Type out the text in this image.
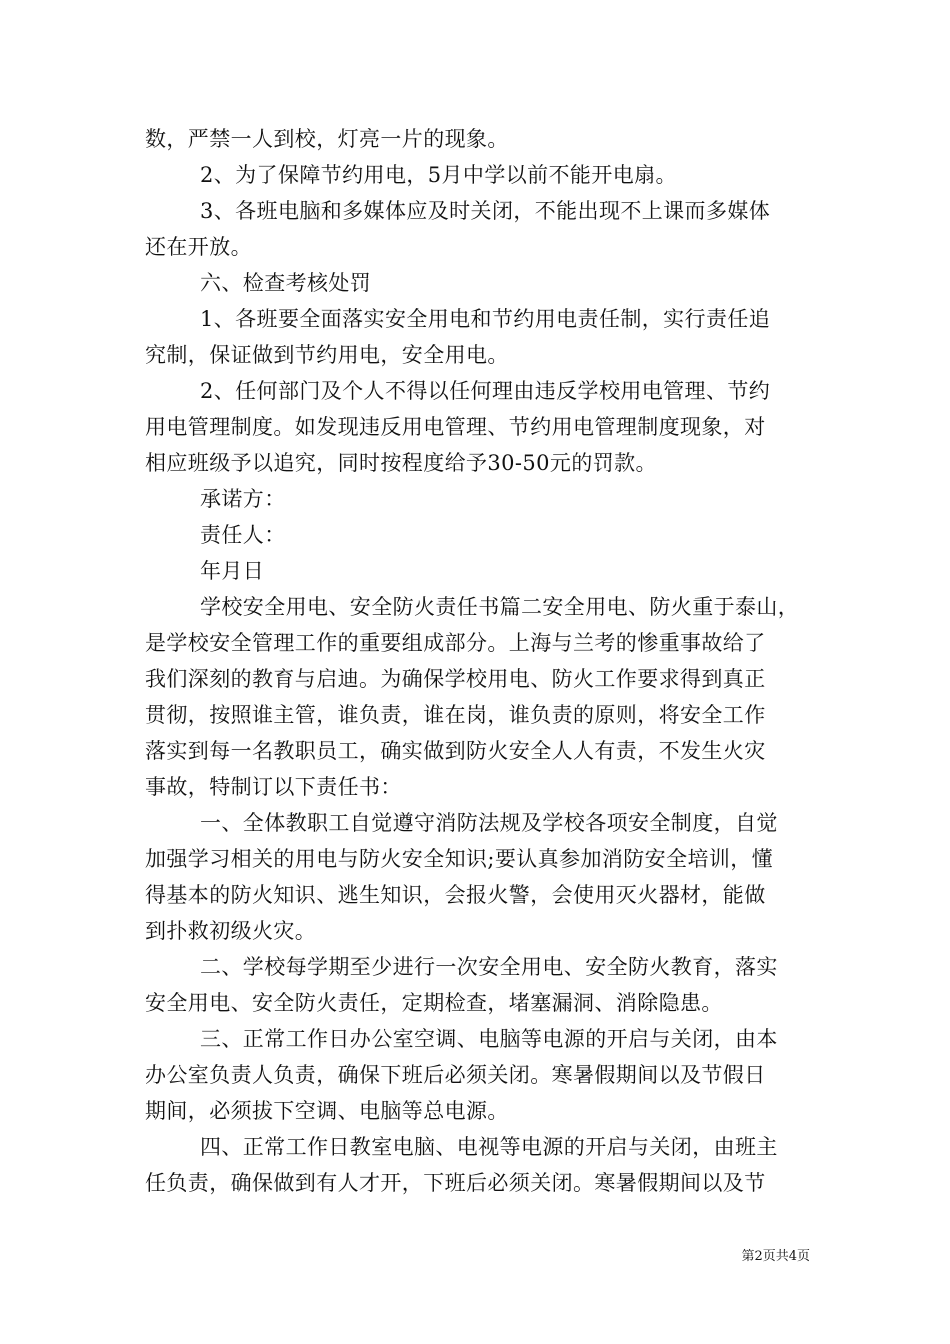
数，严禁一人到校，灯亮一片的现象。
2、为了保障节约用电，5月中学以前不能开电扇。
3、各班电脑和多媒体应及时关闭，不能出现不上课而多媒体
还在开放。
六、检查考核处罚
1、各班要全面落实安全用电和节约用电责任制，实行责任追
究制，保证做到节约用电，安全用电。
2、任何部门及个人不得以任何理由违反学校用电管理、节约
用电管理制度。如发现违反用电管理、节约用电管理制度现象，对
相应班级予以追究，同时按程度给予30-50元的罚款。
承诺方：
责任人：
年月日
学校安全用电、安全防火责任书篇二安全用电、防火重于泰山，
是学校安全管理工作的重要组成部分。上海与兰考的惨重事故给了
我们深刻的教育与启迪。为确保学校用电、防火工作要求得到真正
贯彻，按照谁主管，谁负责，谁在岗，谁负责的原则，将安全工作
落实到每一名教职员工，确实做到防火安全人人有责，不发生火灾
事故，特制订以下责任书：
一、全体教职工自觉遵守消防法规及学校各项安全制度，自觉
加强学习相关的用电与防火安全知识;要认真参加消防安全培训，懂
得基本的防火知识、逃生知识，会报火警，会使用灭火器材，能做
到扑救初级火灾。
二、学校每学期至少进行一次安全用电、安全防火教育，落实
安全用电、安全防火责任，定期检查，堵塞漏洞、消除隐患。
三、正常工作日办公室空调、电脑等电源的开启与关闭，由本
办公室负责人负责，确保下班后必须关闭。寒暑假期间以及节假日
期间，必须拔下空调、电脑等总电源。
四、正常工作日教室电脑、电视等电源的开启与关闭，由班主
任负责，确保做到有人才开，下班后必须关闭。寒暑假期间以及节
第2页共4页
